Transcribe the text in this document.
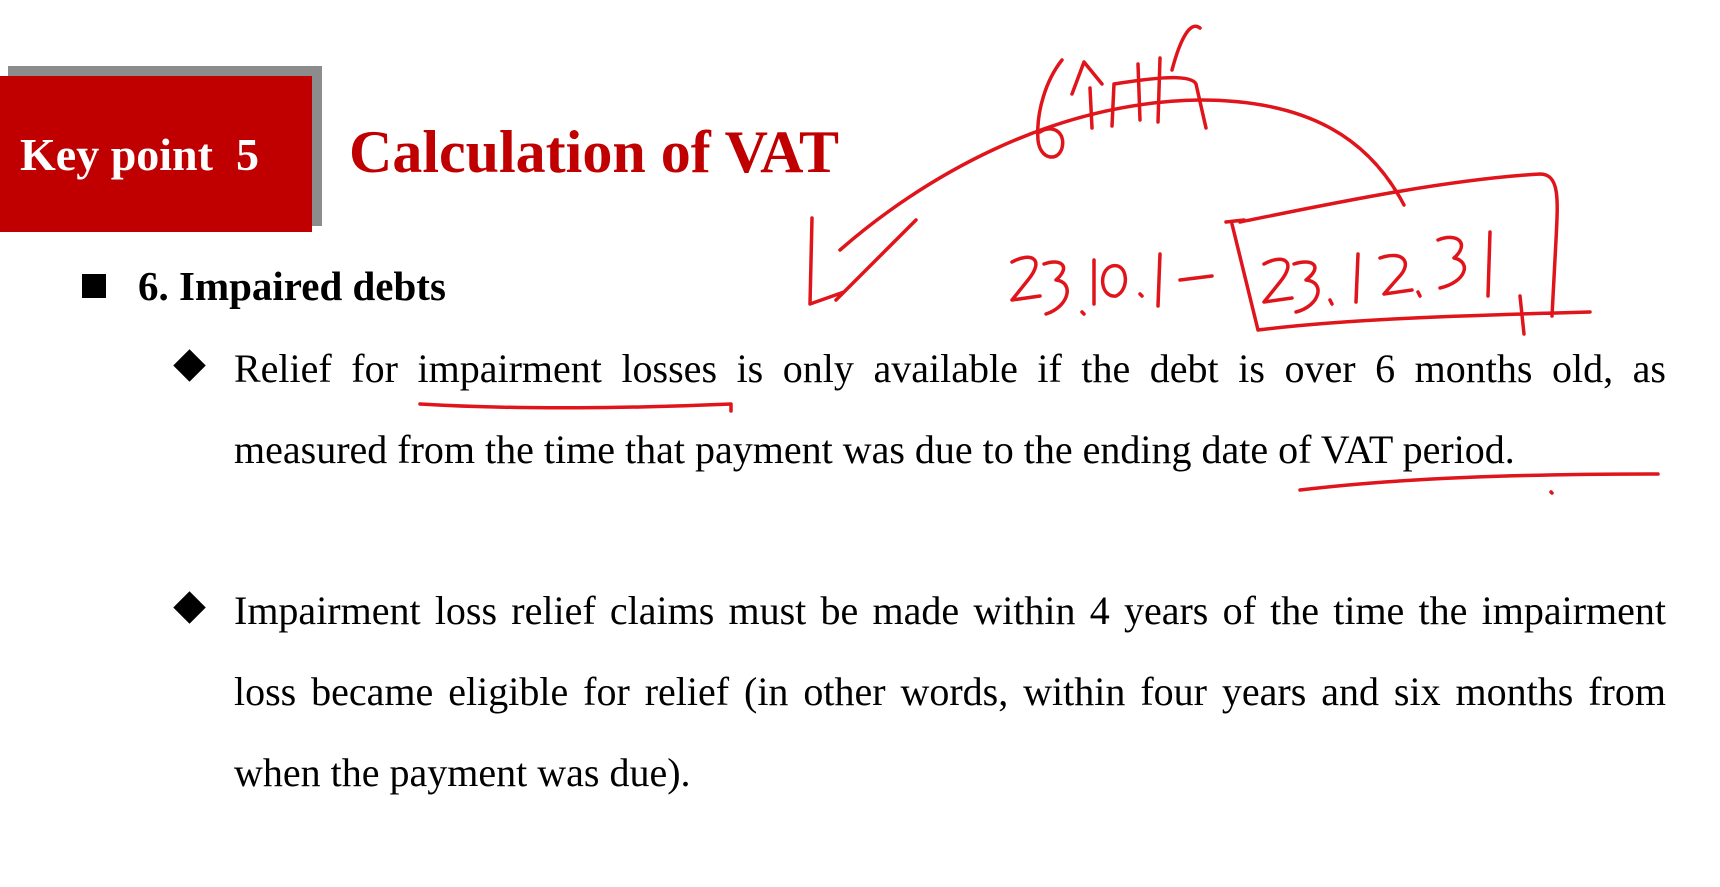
Key point  5 Calculation of VAT
6. Impaired debts
Relief for impairment losses is only available if the debt is over 6 months old, as measured from the time that payment was due to the ending date of VAT period.
Impairment loss relief claims must be made within 4 years of the time the impairment loss became eligible for relief (in other words, within four years and six months from when the payment was due).
